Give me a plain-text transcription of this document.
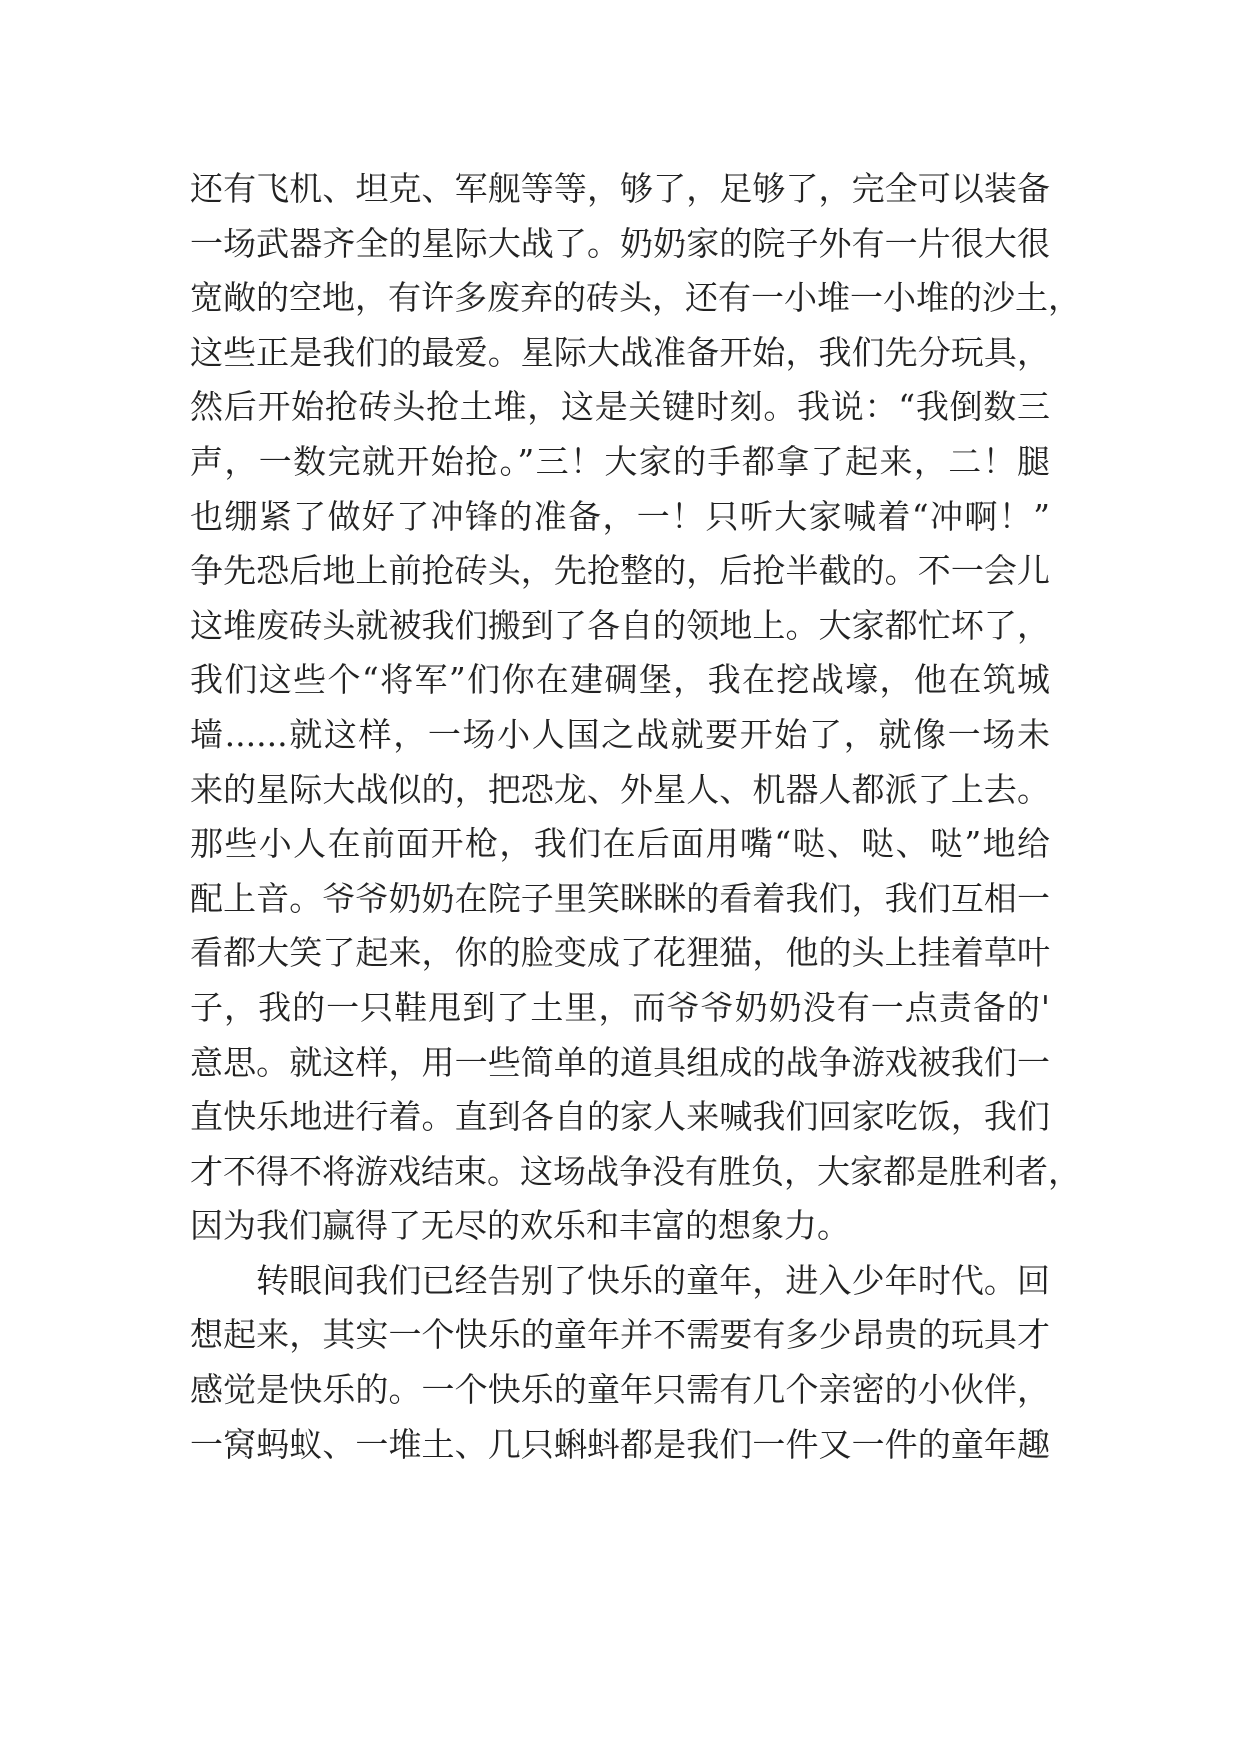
还有飞机、坦克、军舰等等，够了，足够了，完全可以装备
一场武器齐全的星际大战了。奶奶家的院子外有一片很大很
宽敞的空地，有许多废弃的砖头，还有一小堆一小堆的沙土，
这些正是我们的最爱。星际大战准备开始，我们先分玩具，
然后开始抢砖头抢土堆，这是关键时刻。我说：“我倒数三
声，一数完就开始抢。”三！大家的手都拿了起来，二！腿
也绷紧了做好了冲锋的准备，一！只听大家喊着“冲啊！”
争先恐后地上前抢砖头，先抢整的，后抢半截的。不一会儿
这堆废砖头就被我们搬到了各自的领地上。大家都忙坏了，
我们这些个“将军”们你在建碉堡，我在挖战壕，他在筑城
墙......就这样，一场小人国之战就要开始了，就像一场未
来的星际大战似的，把恐龙、外星人、机器人都派了上去。
那些小人在前面开枪，我们在后面用嘴“哒、哒、哒”地给
配上音。爷爷奶奶在院子里笑眯眯的看着我们，我们互相一
看都大笑了起来，你的脸变成了花狸猫，他的头上挂着草叶
子，我的一只鞋甩到了土里，而爷爷奶奶没有一点责备的'
意思。就这样，用一些简单的道具组成的战争游戏被我们一
直快乐地进行着。直到各自的家人来喊我们回家吃饭，我们
才不得不将游戏结束。这场战争没有胜负，大家都是胜利者，
因为我们赢得了无尽的欢乐和丰富的想象力。
转眼间我们已经告别了快乐的童年，进入少年时代。回
想起来，其实一个快乐的童年并不需要有多少昂贵的玩具才
感觉是快乐的。一个快乐的童年只需有几个亲密的小伙伴，
一窝蚂蚁、一堆土、几只蝌蚪都是我们一件又一件的童年趣
